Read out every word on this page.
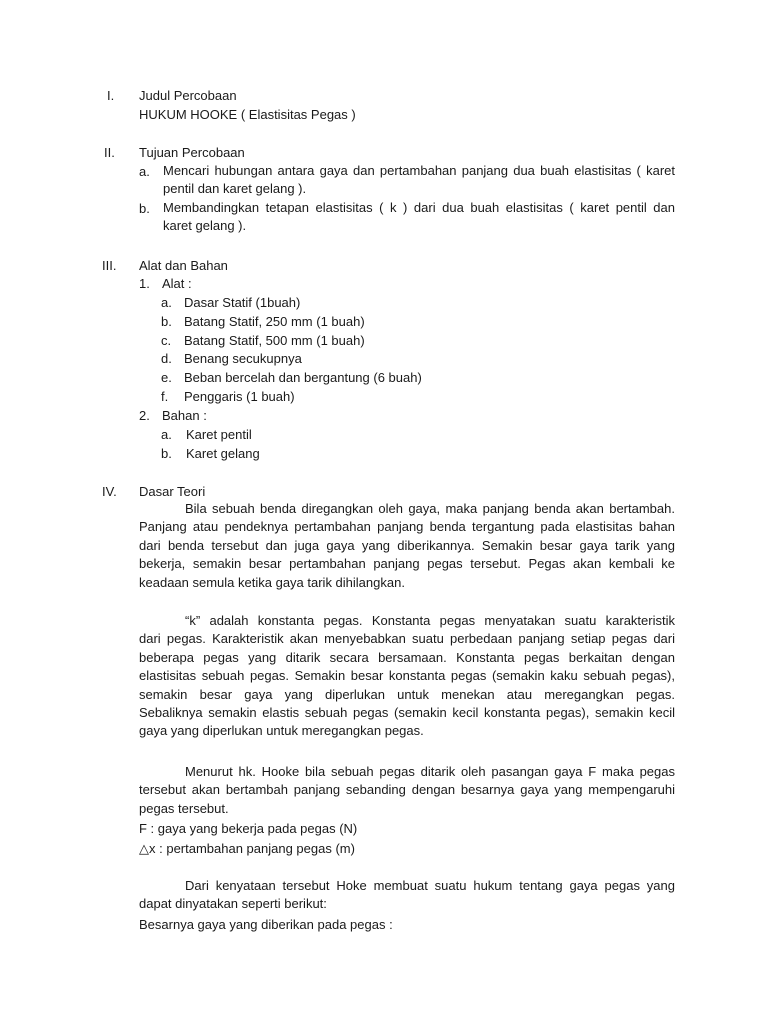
I. Judul Percobaan
HUKUM HOOKE ( Elastisitas Pegas )
II. Tujuan Percobaan
a. Mencari hubungan antara gaya dan pertambahan panjang dua buah elastisitas ( karet
pentil dan karet gelang ).
b. Membandingkan tetapan elastisitas ( k ) dari dua buah elastisitas ( karet pentil dan
karet gelang ).
III. Alat dan Bahan
1. Alat :
a. Dasar Statif (1buah)
b. Batang Statif, 250 mm (1 buah)
c. Batang Statif, 500 mm (1 buah)
d. Benang secukupnya
e. Beban bercelah dan bergantung (6 buah)
f. Penggaris (1 buah)
2. Bahan :
a. Karet pentil
b. Karet gelang
IV. Dasar Teori
Bila sebuah benda diregangkan oleh gaya, maka panjang benda akan bertambah.
Panjang atau pendeknya pertambahan panjang benda tergantung pada elastisitas bahan
dari benda tersebut dan juga gaya yang diberikannya. Semakin besar gaya tarik yang
bekerja, semakin besar pertambahan panjang pegas tersebut. Pegas akan kembali ke
keadaan semula ketika gaya tarik dihilangkan.
“k” adalah konstanta pegas. Konstanta pegas menyatakan suatu karakteristik
dari pegas. Karakteristik akan menyebabkan suatu perbedaan panjang setiap pegas dari
beberapa pegas yang ditarik secara bersamaan. Konstanta pegas berkaitan dengan
elastisitas sebuah pegas. Semakin besar konstanta pegas (semakin kaku sebuah pegas),
semakin besar gaya yang diperlukan untuk menekan atau meregangkan pegas.
Sebaliknya semakin elastis sebuah pegas (semakin kecil konstanta pegas), semakin kecil
gaya yang diperlukan untuk meregangkan pegas.
Menurut hk. Hooke bila sebuah pegas ditarik oleh pasangan gaya F maka pegas
tersebut akan bertambah panjang sebanding dengan besarnya gaya yang mempengaruhi
pegas tersebut.
F : gaya yang bekerja pada pegas (N)
△x : pertambahan panjang pegas (m)
Dari kenyataan tersebut Hoke membuat suatu hukum tentang gaya pegas yang
dapat dinyatakan seperti berikut:
Besarnya gaya yang diberikan pada pegas :
